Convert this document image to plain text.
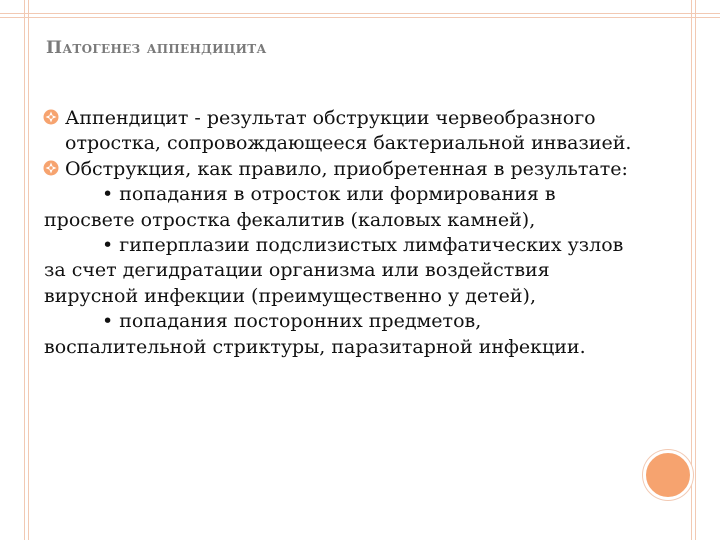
Патогенез аппендицита
Аппендицит - результат обструкции червеобразного отростка, сопровождающееся бактериальной инвазией.
Обструкция, как правило, приобретенная в результате:
• попадания в отросток или формирования в просвете отростка фекалитив (каловых камней),
• гиперплазии подслизистых лимфатических узлов за счет дегидратации организма или воздействия вирусной инфекции (преимущественно у детей),
• попадания посторонних предметов, воспалительной стриктуры, паразитарной инфекции.
